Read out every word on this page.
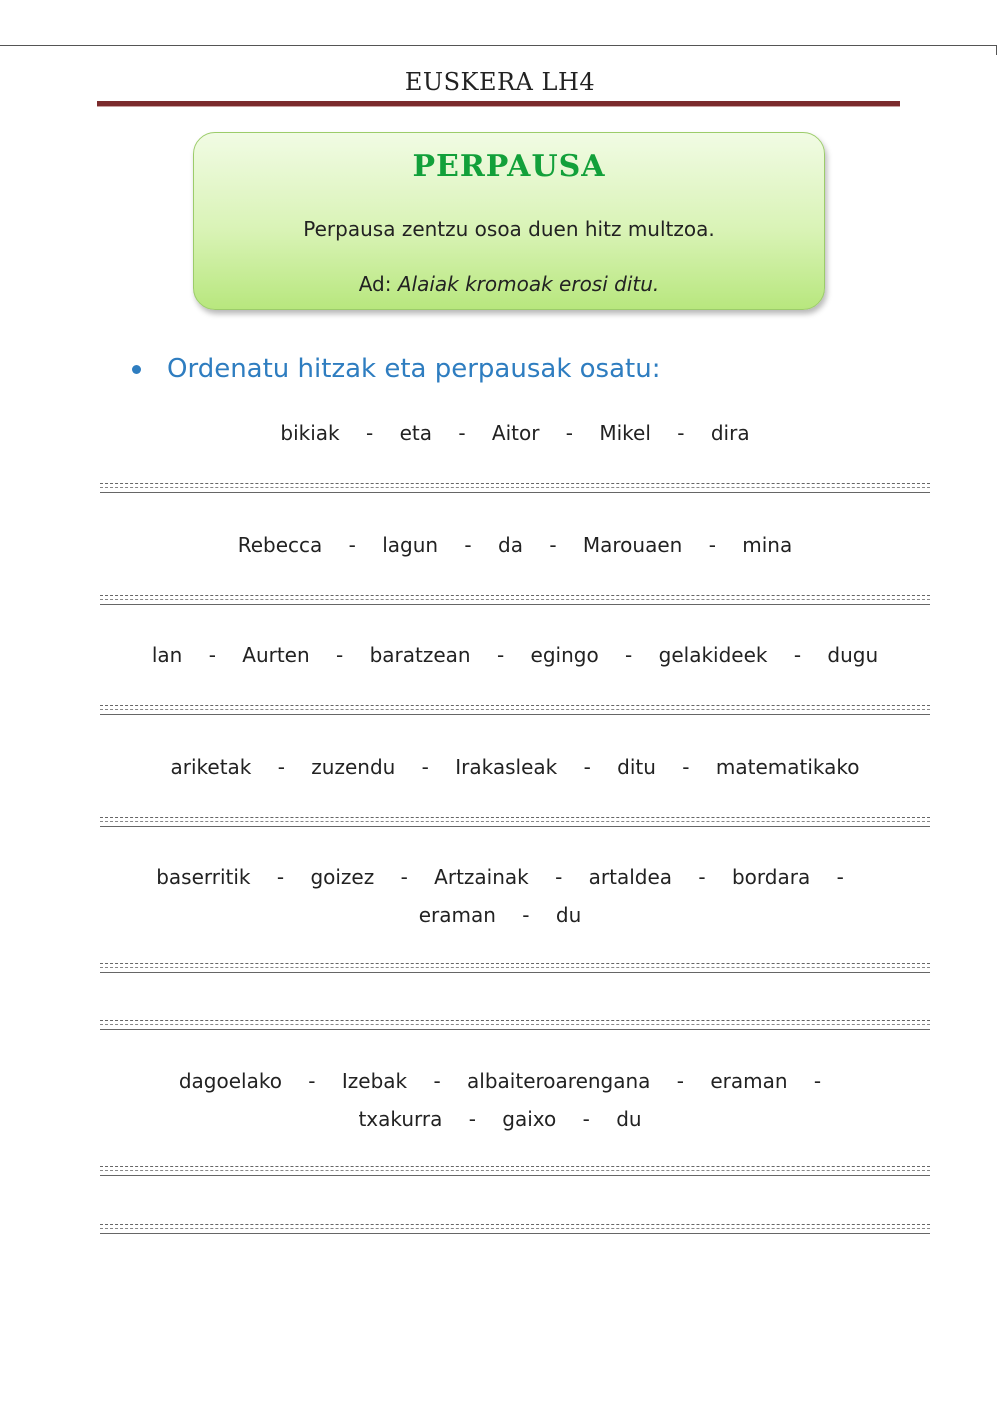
EUSKERA LH4
PERPAUSA
Perpausa zentzu osoa duen hitz multzoa.
Ad: Alaiak kromoak erosi ditu.
Ordenatu hitzak eta perpausak osatu:
bikiak - eta - Aitor - Mikel - dira
Rebecca - lagun - da - Marouaen - mina
lan - Aurten - baratzean - egingo - gelakideek - dugu
ariketak - zuzendu - Irakasleak - ditu - matematikako
baserritik - goizez - Artzainak - artaldea - bordara -
eraman - du
dagoelako - Izebak - albaiteroarengana - eraman -
txakurra - gaixo - du
